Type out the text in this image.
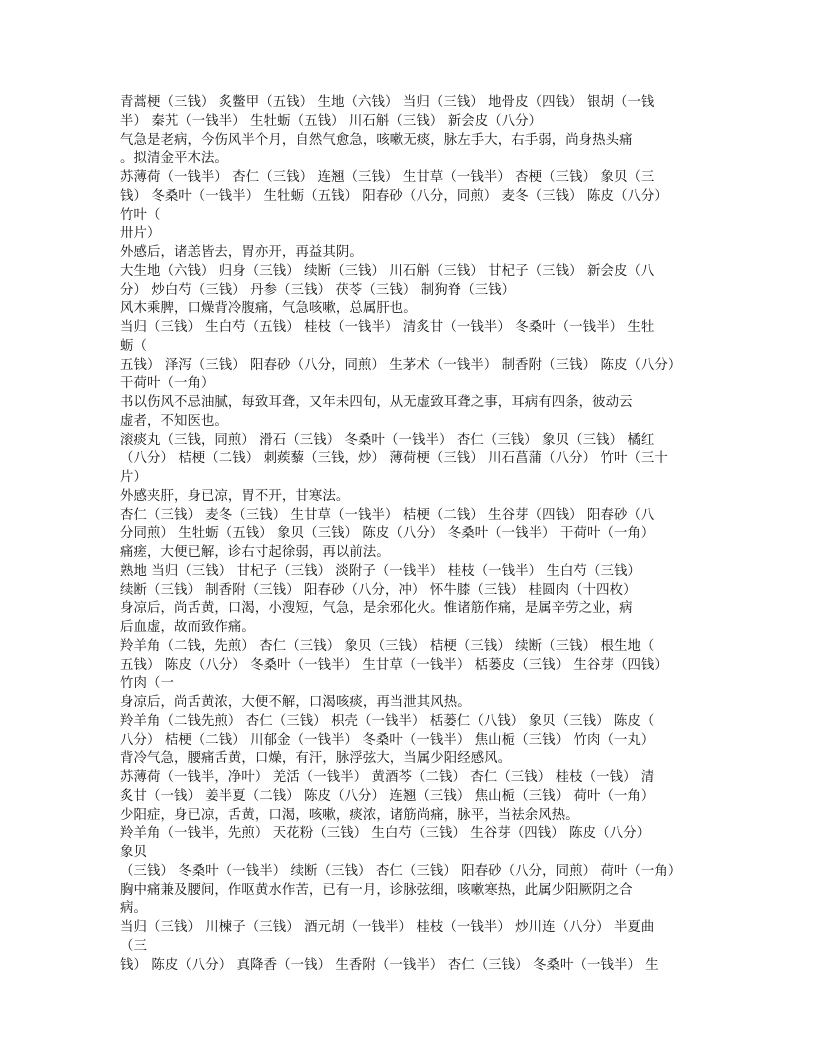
青蒿梗（三钱） 炙鳖甲（五钱） 生地（六钱） 当归（三钱） 地骨皮（四钱） 银胡（一钱
半） 秦艽（一钱半） 生牡蛎（五钱） 川石斛（三钱） 新会皮（八分）
气急是老病，今伤风半个月，自然气愈急，咳嗽无痰，脉左手大，右手弱，尚身热头痛
。拟清金平木法。
苏薄荷（一钱半） 杏仁（三钱） 连翘（三钱） 生甘草（一钱半） 杏梗（三钱） 象贝（三
钱） 冬桑叶（一钱半） 生牡蛎（五钱） 阳春砂（八分，同煎） 麦冬（三钱） 陈皮（八分）
竹叶（
卅片）
外感后，诸恙皆去，胃亦开，再益其阴。
大生地（六钱） 归身（三钱） 续断（三钱） 川石斛（三钱） 甘杞子（三钱） 新会皮（八
分） 炒白芍（三钱） 丹参（三钱） 茯苓（三钱） 制狗脊（三钱）
风木乘脾，口燥背冷腹痛，气急咳嗽，总属肝也。
当归（三钱） 生白芍（五钱） 桂枝（一钱半） 清炙甘（一钱半） 冬桑叶（一钱半） 生牡
蛎（
五钱） 泽泻（三钱） 阳春砂（八分，同煎） 生茅术（一钱半） 制香附（三钱） 陈皮（八分）
干荷叶（一角）
书以伤风不忌油腻，每致耳聋，又年未四旬，从无虚致耳聋之事，耳病有四条，彼动云
虚者，不知医也。
滚痰丸（三钱，同煎） 滑石（三钱） 冬桑叶（一钱半） 杏仁（三钱） 象贝（三钱） 橘红
（八分） 桔梗（二钱） 刺蒺藜（三钱，炒） 薄荷梗（三钱） 川石菖蒲（八分） 竹叶（三十
片）
外感夹肝，身已凉，胃不开，甘寒法。
杏仁（三钱） 麦冬（三钱） 生甘草（一钱半） 桔梗（二钱） 生谷芽（四钱） 阳春砂（八
分同煎） 生牡蛎（五钱） 象贝（三钱） 陈皮（八分） 冬桑叶（一钱半） 干荷叶（一角）
痛瘥，大便已解，诊右寸起徐弱，再以前法。
熟地 当归（三钱） 甘杞子（三钱） 淡附子（一钱半） 桂枝（一钱半） 生白芍（三钱）
续断（三钱） 制香附（三钱） 阳春砂（八分，冲） 怀牛膝（三钱） 桂圆肉（十四枚）
身凉后，尚舌黄，口渴，小溲短，气急，是余邪化火。惟诸筋作痛，是属辛劳之业，病
后血虚，故而致作痛。
羚羊角（二钱，先煎） 杏仁（三钱） 象贝（三钱） 桔梗（三钱） 续断（三钱） 根生地（
五钱） 陈皮（八分） 冬桑叶（一钱半） 生甘草（一钱半） 栝蒌皮（三钱） 生谷芽（四钱）
竹肉（一
身凉后，尚舌黄浓，大便不解，口渴咳痰，再当泄其风热。
羚羊角（二钱先煎） 杏仁（三钱） 枳壳（一钱半） 栝蒌仁（八钱） 象贝（三钱） 陈皮（
八分） 桔梗（二钱） 川郁金（一钱半） 冬桑叶（一钱半） 焦山栀（三钱） 竹肉（一丸）
背冷气急，腰痛舌黄，口燥，有汗，脉浮弦大，当属少阳经感风。
苏薄荷（一钱半，净叶） 羌活（一钱半） 黄酒芩（二钱） 杏仁（三钱） 桂枝（一钱） 清
炙甘（一钱） 姜半夏（二钱） 陈皮（八分） 连翘（三钱） 焦山栀（三钱） 荷叶（一角）
少阳症，身已凉，舌黄，口渴，咳嗽，痰浓，诸筋尚痛，脉平，当祛余风热。
羚羊角（一钱半，先煎） 天花粉（三钱） 生白芍（三钱） 生谷芽（四钱） 陈皮（八分）
象贝
（三钱） 冬桑叶（一钱半） 续断（三钱） 杏仁（三钱） 阳春砂（八分，同煎） 荷叶（一角）
胸中痛兼及腰间，作呕黄水作苦，已有一月，诊脉弦细，咳嗽寒热，此属少阳厥阴之合
病。
当归（三钱） 川楝子（三钱） 酒元胡（一钱半） 桂枝（一钱半） 炒川连（八分） 半夏曲
（三
钱） 陈皮（八分） 真降香（一钱） 生香附（一钱半） 杏仁（三钱） 冬桑叶（一钱半） 生
